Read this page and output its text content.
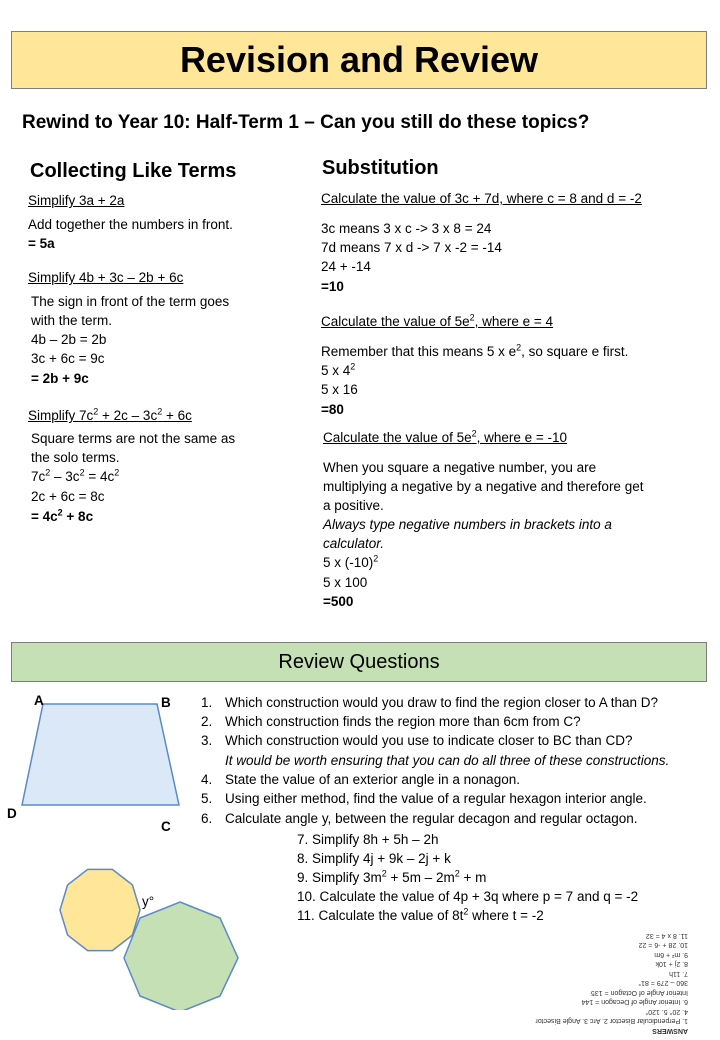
Revision and Review
Rewind to Year 10: Half-Term 1 – Can you still do these topics?
Collecting Like Terms
Simplify 3a + 2a
Add together the numbers in front.
= 5a
Simplify 4b + 3c – 2b + 6c
The sign in front of the term goes
with the term.
4b – 2b = 2b
3c + 6c = 9c
= 2b + 9c
Simplify $7c^2 + 2c - 3c^2 + 6c$
Square terms are not the same as
the solo terms.
$7c^2 - 3c^2 = 4c^2$
2c + 6c = 8c
= $4c^2 + 8c$
Substitution
Calculate the value of 3c + 7d, where c = 8 and d = -2
3c means 3 x c -> 3 x 8 = 24
7d means 7 x d -> 7 x -2 = -14
24 + -14
=10
Calculate the value of $5e^2$, where e = 4
Remember that this means 5 x $e^2$, so square e first.
5 x $4^2$
5 x 16
=80
Calculate the value of $5e^2$, where e = -10
When you square a negative number, you are
multiplying a negative by a negative and therefore get
a positive.
Always type negative numbers in brackets into a
calculator.
5 x $(-10)^2$
5 x 100
=500
Review Questions
A	B
D
C
y°
1. Which construction would you draw to find the region closer to A than D?
2. Which construction finds the region more than 6cm from C?
3. Which construction would you use to indicate closer to BC than CD?
It would be worth ensuring that you can do all three of these constructions.
4. State the value of an exterior angle in a nonagon.
5. Using either method, find the value of a regular hexagon interior angle.
6. Calculate angle y, between the regular decagon and regular octagon.
7. Simplify 8h + 5h – 2h
8. Simplify 4j + 9k – 2j + k
9. Simplify $3m^2 + 5m - 2m^2 + m$
10. Calculate the value of 4p + 3q where p = 7 and q = -2
11. Calculate the value of $8t^2$ where t = -2
ANSWERS
1. Perpendicular Bisector 2. Arc 3. Angle Bisector
4. 20° 5. 120°
6. Interior Angle of Decagon = 144
Interior Angle of Octagon = 135
360 – 279 = 81°
7. 11h
8. 2j + 10k
9. m² + 6m
10. 28 + -6 = 22
11. 8 x 4 = 32
